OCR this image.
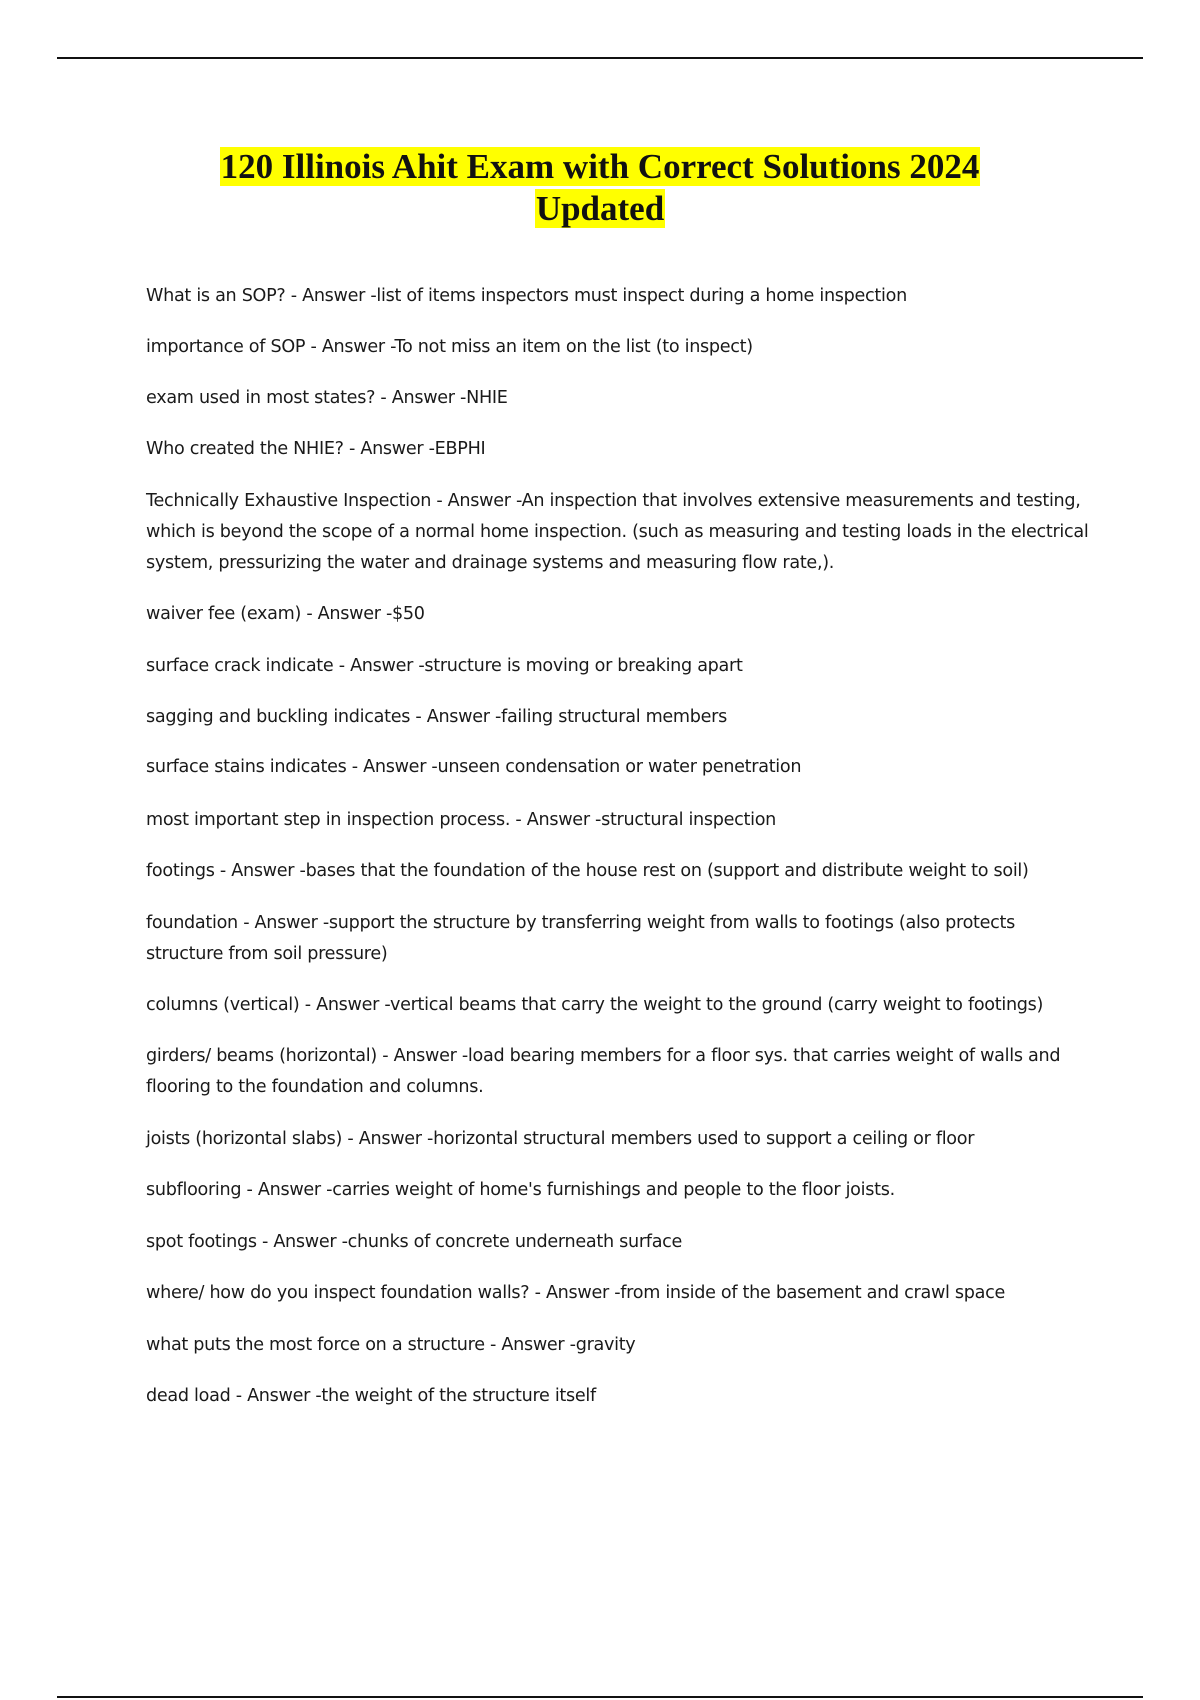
120 Illinois Ahit Exam with Correct Solutions 2024
Updated
What is an SOP? - Answer -list of items inspectors must inspect during a home inspection
importance of SOP - Answer -To not miss an item on the list (to inspect)
exam used in most states? - Answer -NHIE
Who created the NHIE? - Answer -EBPHI
Technically Exhaustive Inspection - Answer -An inspection that involves extensive measurements and testing, which is beyond the scope of a normal home inspection. (such as measuring and testing loads in the electrical system, pressurizing the water and drainage systems and measuring flow rate,).
waiver fee (exam) - Answer -$50
surface crack indicate - Answer -structure is moving or breaking apart
sagging and buckling indicates - Answer -failing structural members
surface stains indicates - Answer -unseen condensation or water penetration
most important step in inspection process. - Answer -structural inspection
footings - Answer -bases that the foundation of the house rest on (support and distribute weight to soil)
foundation - Answer -support the structure by transferring weight from walls to footings (also protects structure from soil pressure)
columns (vertical) - Answer -vertical beams that carry the weight to the ground (carry weight to footings)
girders/ beams (horizontal) - Answer -load bearing members for a floor sys. that carries weight of walls and flooring to the foundation and columns.
joists (horizontal slabs) - Answer -horizontal structural members used to support a ceiling or floor
subflooring - Answer -carries weight of home's furnishings and people to the floor joists.
spot footings - Answer -chunks of concrete underneath surface
where/ how do you inspect foundation walls? - Answer -from inside of the basement and crawl space
what puts the most force on a structure - Answer -gravity
dead load - Answer -the weight of the structure itself
